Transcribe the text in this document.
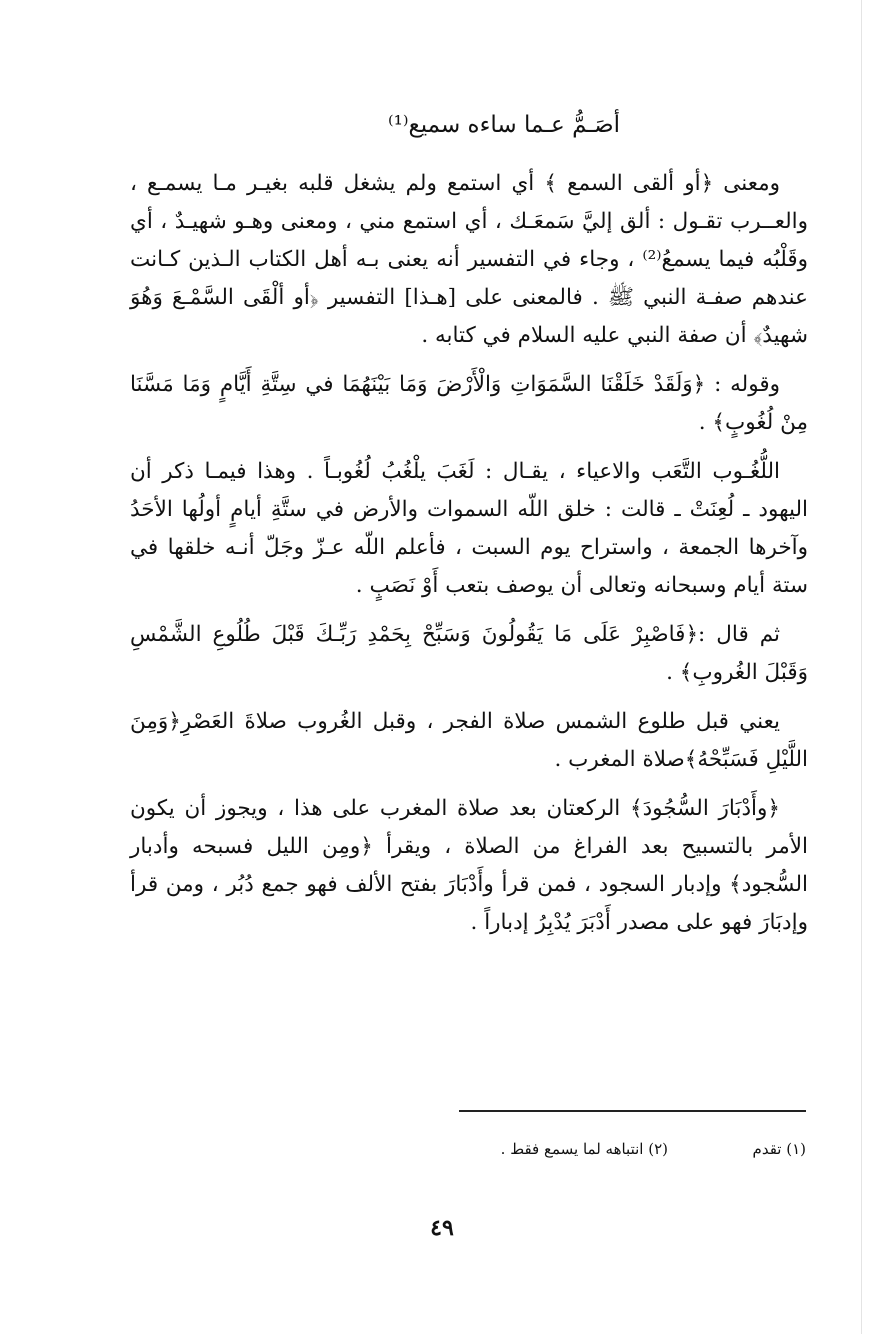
أصَـمُّ عـما ساءه سميع⁽¹⁾

ومعنى ﴿أو ألقى السمع ﴾ أي استمع ولم يشغل قلبه بغيـر مـا يسمـع ، والعــرب تقـول : ألق إليَّ سَمعَـك ، أي استمع مني ، ومعنى وهـو شهيـدٌ ، أي وقَلْبُه فيما يسمعُ⁽²⁾ ، وجاء في التفسير أنه يعنى بـه أهل الكتاب الـذين كـانت عندهم صفـة النبي ﷺ . فالمعنى على [هـذا] التفسير ﴿أو ألْقَى السَّمْـعَ وَهُوَ شهيدٌ﴾ أن صفة النبي عليه السلام في كتابه .

وقوله : ﴿وَلَقَدْ خَلَقْنَا السَّمَوَاتِ وَالْأَرْضَ وَمَا بَيْنَهُمَا في سِتَّةِ أَيَّامٍ وَمَا مَسَّنَا مِنْ لُغُوبٍ﴾ .

اللُّغُـوب التَّعَب والاعياء ، يقـال : لَغَبَ يلْغُبُ لُغُوبـاً . وهذا فيمـا ذكر أن اليهود ـ لُعِنَتْ ـ قالت : خلق اللّه السموات والأرض في ستَّةِ أيامٍ أولُها الأحَدُ وآخرها الجمعة ، واستراح يوم السبت ، فأعلم اللّه عـزّ وجَلّ أنـه خلقها في ستة أيام وسبحانه وتعالى أن يوصف بتعب أَوْ نَصَبٍ .

ثم قال :﴿فَاصْبِرْ عَلَى مَا يَقُولُونَ وَسَبِّحْ بِحَمْدِ رَبِّـكَ قَبْلَ طُلُوعِ الشَّمْسِ وَقَبْلَ الغُروبِ﴾ .

يعني قبل طلوع الشمس صلاة الفجر ، وقبل الغُروب صلاةَ العَصْرِ﴿وَمِنَ اللَّيْلِ فَسَبِّحْهُ﴾صلاة المغرب .

﴿وأَدْبَارَ السُّجُودَ﴾ الركعتان بعد صلاة المغرب على هذا ، ويجوز أن يكون الأمر بالتسبيح بعد الفراغ من الصلاة ، ويقرأ ﴿ومِن الليل فسبحه وأدبار السُّجود﴾ وإدبار السجود ، فمن قرأ وأَدْبَارَ بفتح الألف فهو جمع دُبُر ، ومن قرأ وإدبَارَ فهو على مصدر أَدْبَرَ يُدْبِرُ إدباراً .

(١) تقدم
(٢) انتباهه لما يسمع فقط .
٤٩
